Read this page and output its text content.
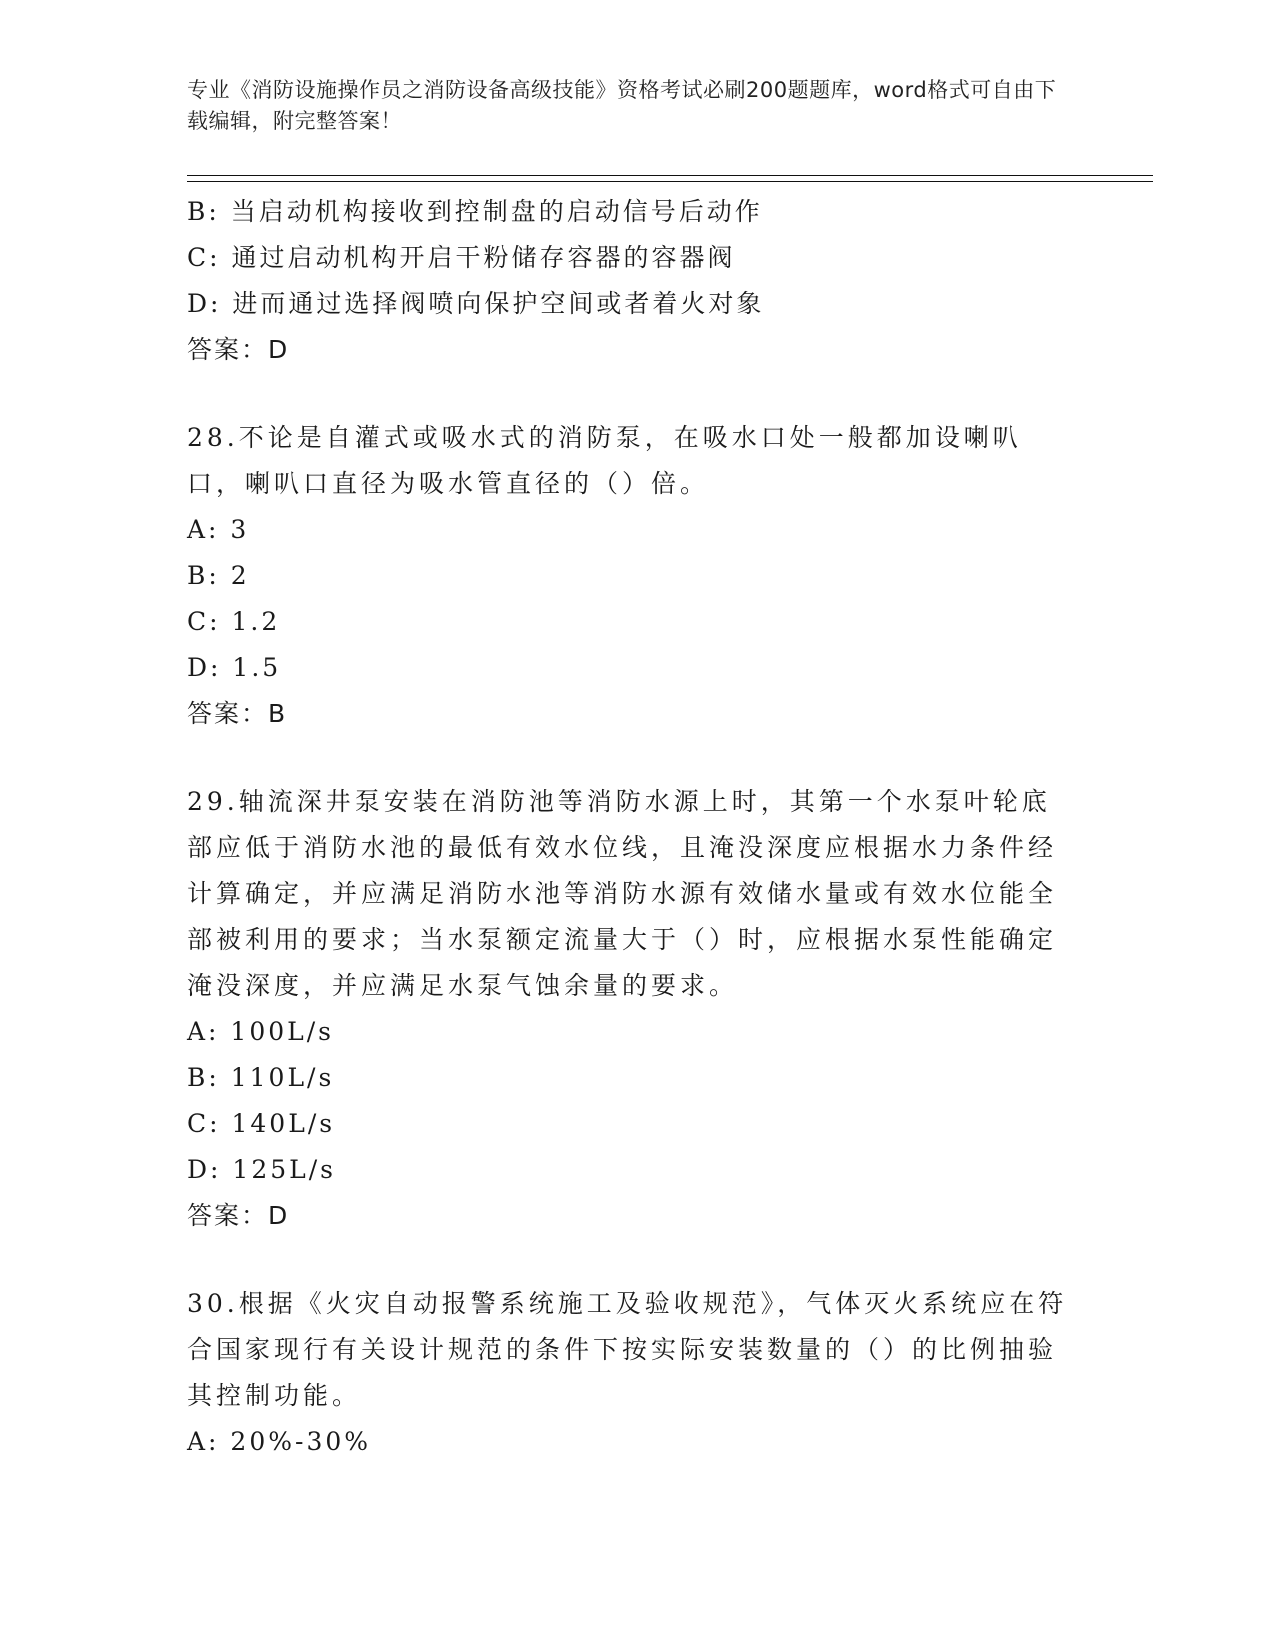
专业《消防设施操作员之消防设备高级技能》资格考试必刷200题题库，word格式可自由下载编辑，附完整答案！
B: 当启动机构接收到控制盘的启动信号后动作
C: 通过启动机构开启干粉储存容器的容器阀
D: 进而通过选择阀喷向保护空间或者着火对象
答案：D
28.不论是自灌式或吸水式的消防泵，在吸水口处一般都加设喇叭口，喇叭口直径为吸水管直径的（）倍。
A: 3
B: 2
C: 1.2
D: 1.5
答案：B
29.轴流深井泵安装在消防池等消防水源上时，其第一个水泵叶轮底部应低于消防水池的最低有效水位线，且淹没深度应根据水力条件经计算确定，并应满足消防水池等消防水源有效储水量或有效水位能全部被利用的要求；当水泵额定流量大于（）时，应根据水泵性能确定淹没深度，并应满足水泵气蚀余量的要求。
A: 100L/s
B: 110L/s
C: 140L/s
D: 125L/s
答案：D
30.根据《火灾自动报警系统施工及验收规范》，气体灭火系统应在符合国家现行有关设计规范的条件下按实际安装数量的（）的比例抽验其控制功能。
A: 20%-30%
